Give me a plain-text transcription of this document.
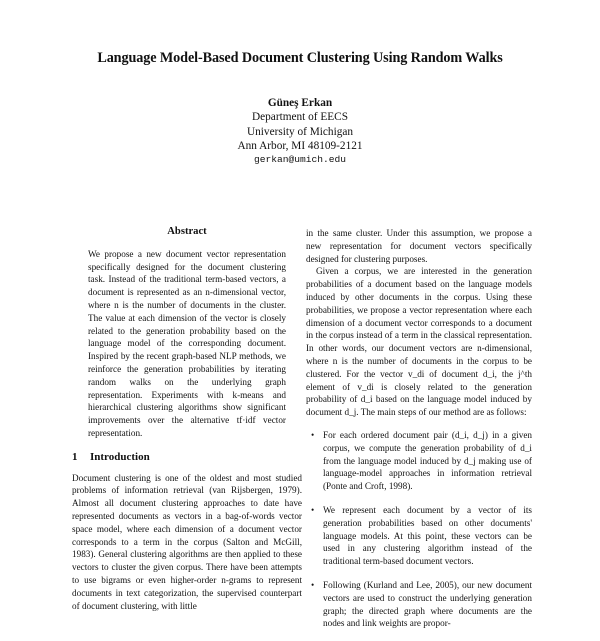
Language Model-Based Document Clustering Using Random Walks
Güneş Erkan
Department of EECS
University of Michigan
Ann Arbor, MI 48109-2121
gerkan@umich.edu
Abstract

We propose a new document vector representation specifically designed for the document clustering task. Instead of the traditional term-based vectors, a document is represented as an n-dimensional vector, where n is the number of documents in the cluster. The value at each dimension of the vector is closely related to the generation probability based on the language model of the corresponding document. Inspired by the recent graph-based NLP methods, we reinforce the generation probabilities by iterating random walks on the underlying graph representation. Experiments with k-means and hierarchical clustering algorithms show significant improvements over the alternative tf·idf vector representation.

1 Introduction

Document clustering is one of the oldest and most studied problems of information retrieval (van Rijsbergen, 1979). Almost all document clustering approaches to date have represented documents as vectors in a bag-of-words vector space model, where each dimension of a document vector corresponds to a term in the corpus (Salton and McGill, 1983). General clustering algorithms are then applied to these vectors to cluster the given corpus. There have been attempts to use bigrams or even higher-order n-grams to represent documents in text categorization, the supervised counterpart of document clustering, with little

in the same cluster. Under this assumption, we propose a new representation for document vectors specifically designed for clustering purposes.

Given a corpus, we are interested in the generation probabilities of a document based on the language models induced by other documents in the corpus. Using these probabilities, we propose a vector representation where each dimension of a document vector corresponds to a document in the corpus instead of a term in the classical representation. In other words, our document vectors are n-dimensional, where n is the number of documents in the corpus to be clustered. For the vector v_di of document d_i, the j^th element of v_di is closely related to the generation probability of d_i based on the language model induced by document d_j. The main steps of our method are as follows:

• For each ordered document pair (d_i, d_j) in a given corpus, we compute the generation probability of d_i from the language model induced by d_j making use of language-model approaches in information retrieval (Ponte and Croft, 1998).
• We represent each document by a vector of its generation probabilities based on other documents' language models. At this point, these vectors can be used in any clustering algorithm instead of the traditional term-based document vectors.
• Following (Kurland and Lee, 2005), our new document vectors are used to construct the underlying generation graph; the directed graph where documents are the nodes and link weights are propor-
